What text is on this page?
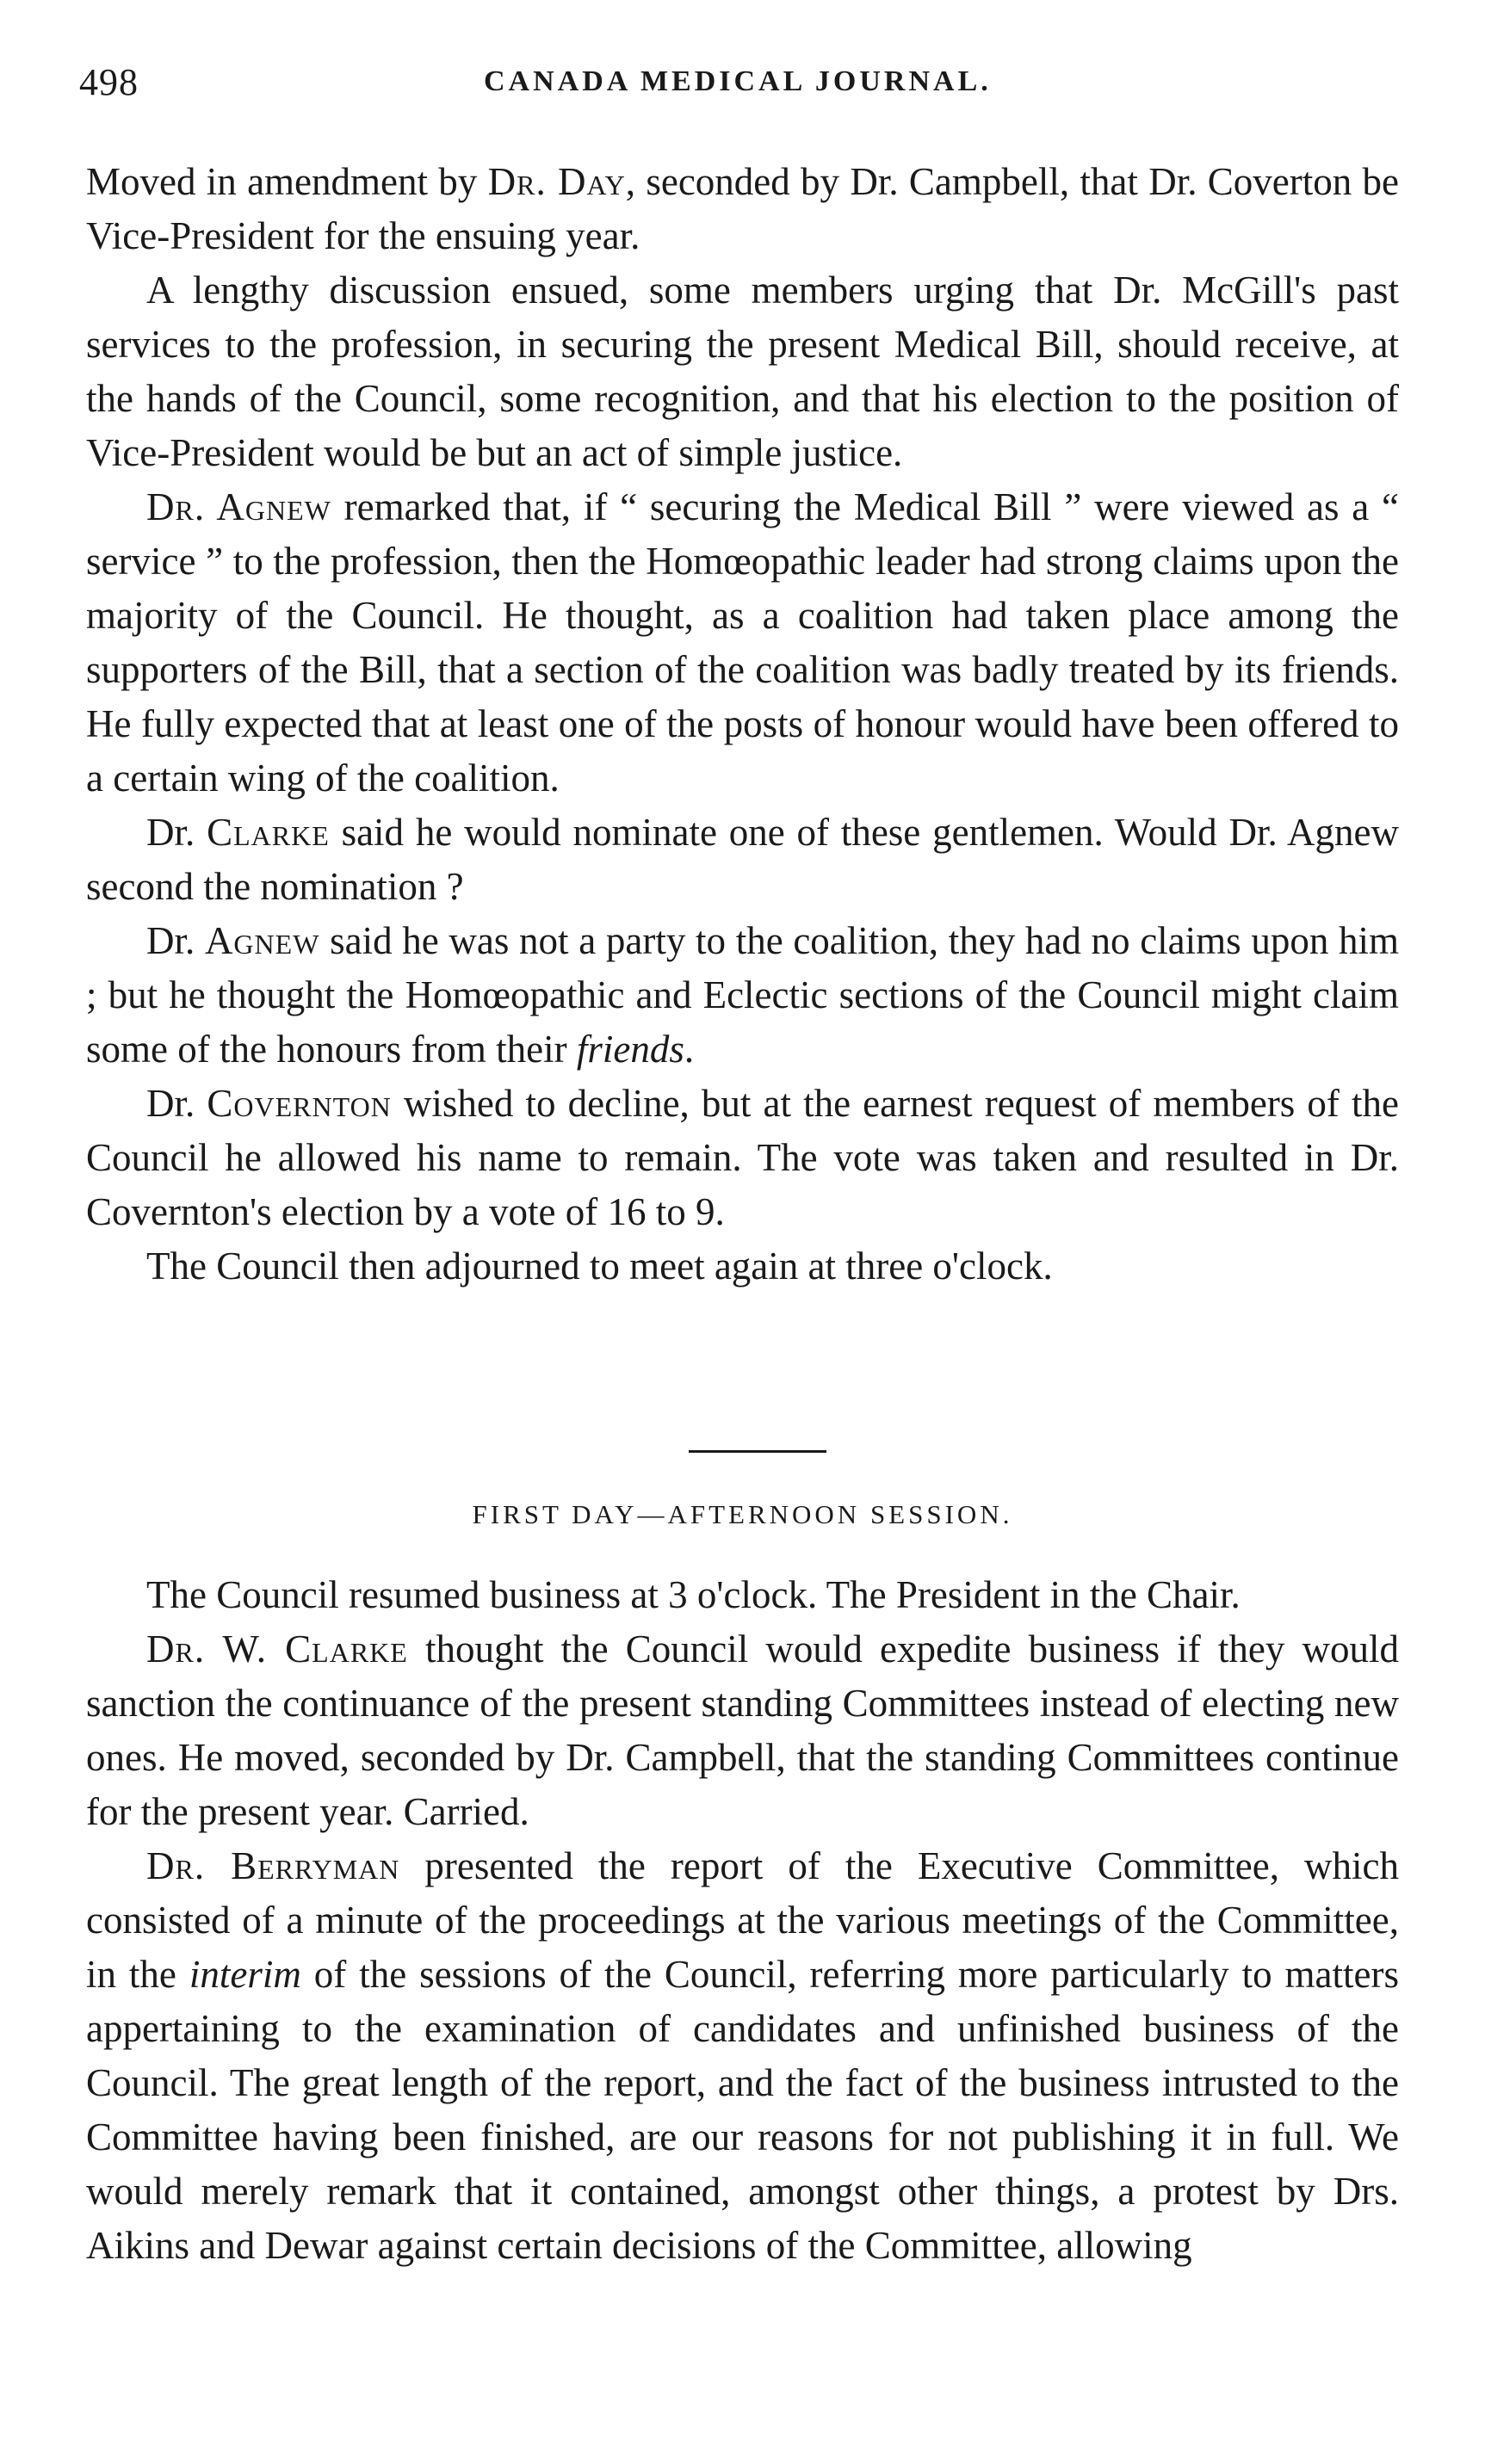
498	CANADA MEDICAL JOURNAL.

Moved in amendment by Dr. Day, seconded by Dr. Campbell, that Dr. Coverton be Vice-President for the ensuing year.

A lengthy discussion ensued, some members urging that Dr. McGill's past services to the profession, in securing the present Medical Bill, should receive, at the hands of the Council, some recognition, and that his election to the position of Vice-President would be but an act of simple justice.

Dr. Agnew remarked that, if “ securing the Medical Bill ” were viewed as a “ service ” to the profession, then the Homœopathic leader had strong claims upon the majority of the Council. He thought, as a coalition had taken place among the supporters of the Bill, that a section of the coalition was badly treated by its friends. He fully expected that at least one of the posts of honour would have been offered to a certain wing of the coalition.

Dr. Clarke said he would nominate one of these gentlemen. Would Dr. Agnew second the nomination ?

Dr. Agnew said he was not a party to the coalition, they had no claims upon him ; but he thought the Homœopathic and Eclectic sections of the Council might claim some of the honours from their friends.

Dr. Covernton wished to decline, but at the earnest request of members of the Council he allowed his name to remain. The vote was taken and resulted in Dr. Covernton's election by a vote of 16 to 9.

The Council then adjourned to meet again at three o'clock.

FIRST DAY—AFTERNOON SESSION.

The Council resumed business at 3 o'clock. The President in the Chair.

Dr. W. Clarke thought the Council would expedite business if they would sanction the continuance of the present standing Committees instead of electing new ones. He moved, seconded by Dr. Campbell, that the standing Committees continue for the present year. Carried.

Dr. Berryman presented the report of the Executive Committee, which consisted of a minute of the proceedings at the various meetings of the Committee, in the interim of the sessions of the Council, referring more particularly to matters appertaining to the examination of candidates and unfinished business of the Council. The great length of the report, and the fact of the business intrusted to the Committee having been finished, are our reasons for not publishing it in full. We would merely remark that it contained, amongst other things, a protest by Drs. Aikins and Dewar against certain decisions of the Committee, allowing
